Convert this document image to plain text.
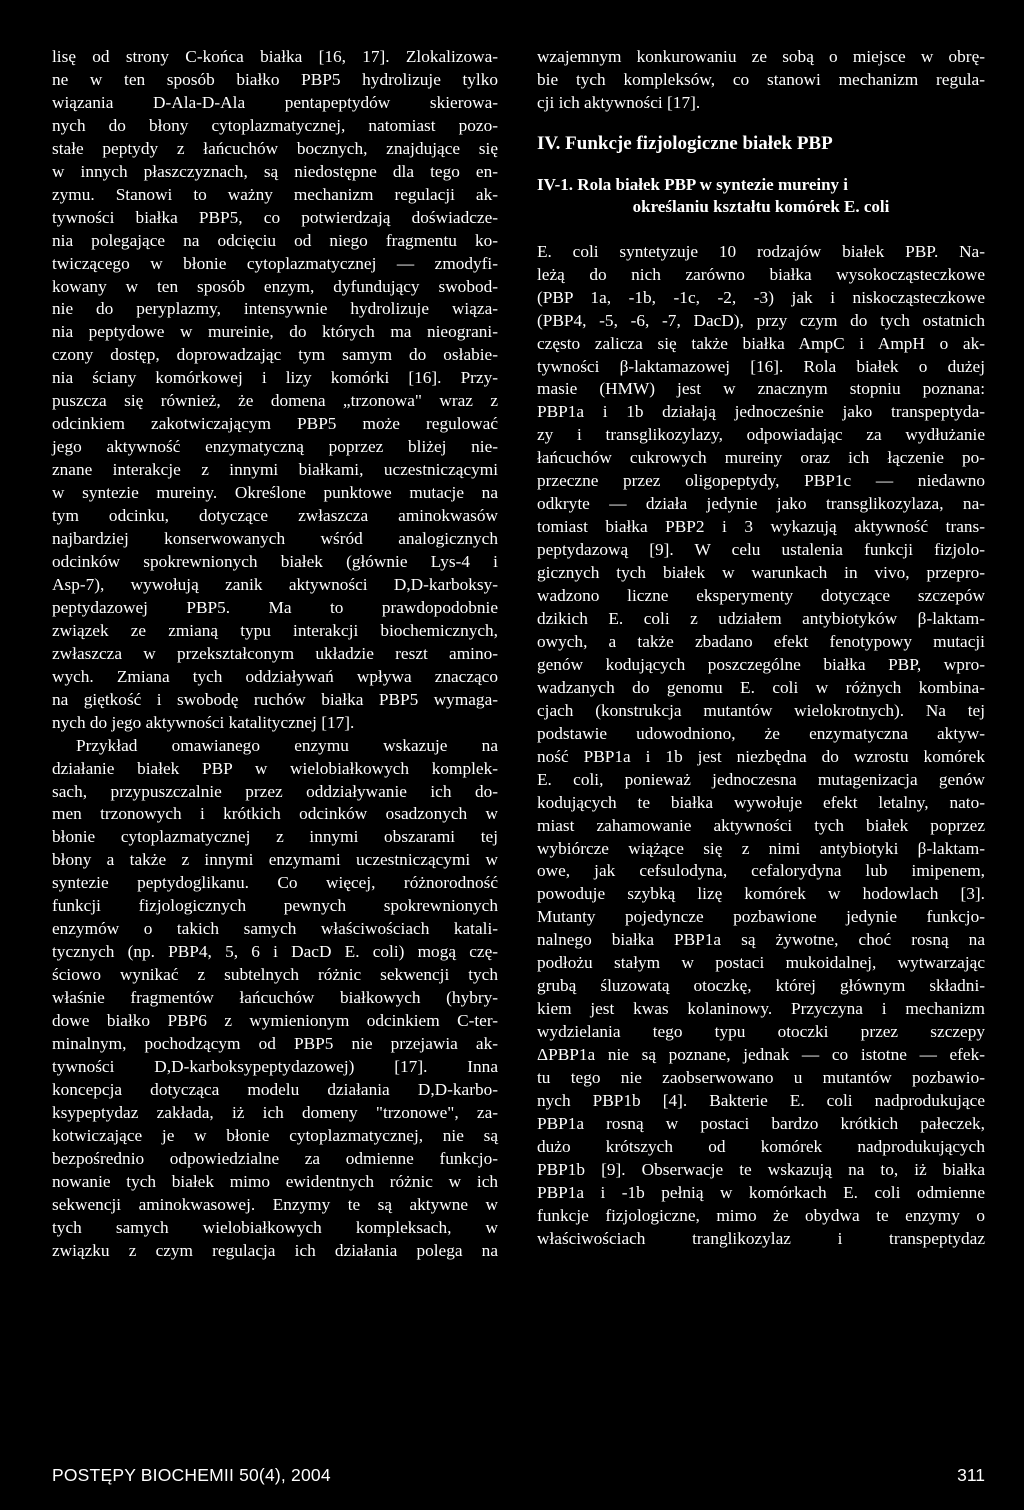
lisę od strony C-końca białka [16, 17]. Zlokalizowa-
ne w ten sposób białko PBP5 hydrolizuje tylko
wiązania D-Ala-D-Ala pentapeptydów skierowa-
nych do błony cytoplazmatycznej, natomiast pozo-
stałe peptydy z łańcuchów bocznych, znajdujące się
w innych płaszczyznach, są niedostępne dla tego en-
zymu. Stanowi to ważny mechanizm regulacji ak-
tywności białka PBP5, co potwierdzają doświadcze-
nia polegające na odcięciu od niego fragmentu ko-
twiczącego w błonie cytoplazmatycznej — zmodyfi-
kowany w ten sposób enzym, dyfundujący swobod-
nie do peryplazmy, intensywnie hydrolizuje wiąza-
nia peptydowe w mureinie, do których ma nieograni-
czony dostęp, doprowadzając tym samym do osłabie-
nia ściany komórkowej i lizy komórki [16]. Przy-
puszcza się również, że domena „trzonowa" wraz z
odcinkiem zakotwiczającym PBP5 może regulować
jego aktywność enzymatyczną poprzez bliżej nie-
znane interakcje z innymi białkami, uczestniczącymi
w syntezie mureiny. Określone punktowe mutacje na
tym odcinku, dotyczące zwłaszcza aminokwasów
najbardziej konserwowanych wśród analogicznych
odcinków spokrewnionych białek (głównie Lys-4 i
Asp-7), wywołują zanik aktywności D,D-karboksy-
peptydazowej PBP5. Ma to prawdopodobnie
związek ze zmianą typu interakcji biochemicznych,
zwłaszcza w przekształconym układzie reszt amino-
wych. Zmiana tych oddziaływań wpływa znacząco
na giętkość i swobodę ruchów białka PBP5 wymaga-
nych do jego aktywności katalitycznej [17].

Przykład omawianego enzymu wskazuje na
działanie białek PBP w wielobiałkowych komplek-
sach, przypuszczalnie przez oddziaływanie ich do-
men trzonowych i krótkich odcinków osadzonych w
błonie cytoplazmatycznej z innymi obszarami tej
błony a także z innymi enzymami uczestniczącymi w
syntezie peptydoglikanu. Co więcej, różnorodność
funkcji fizjologicznych pewnych spokrewnionych
enzymów o takich samych właściwościach katali-
tycznych (np. PBP4, 5, 6 i DacD E. coli) mogą czę-
ściowo wynikać z subtelnych różnic sekwencji tych
właśnie fragmentów łańcuchów białkowych (hybry-
dowe białko PBP6 z wymienionym odcinkiem C-ter-
minalnym, pochodzącym od PBP5 nie przejawia ak-
tywności D,D-karboksypeptydazowej) [17]. Inna
koncepcja dotycząca modelu działania D,D-karbo-
ksypeptydaz zakłada, iż ich domeny "trzonowe", za-
kotwiczające je w błonie cytoplazmatycznej, nie są
bezpośrednio odpowiedzialne za odmienne funkcjo-
nowanie tych białek mimo ewidentnych różnic w ich
sekwencji aminokwasowej. Enzymy te są aktywne w
tych samych wielobiałkowych kompleksach, w
związku z czym regulacja ich działania polega na

wzajemnym konkurowaniu ze sobą o miejsce w obrę-
bie tych kompleksów, co stanowi mechanizm regula-
cji ich aktywności [17].

IV. Funkcje fizjologiczne białek PBP
IV-1. Rola białek PBP w syntezie mureiny i
określaniu kształtu komórek E. coli

E. coli syntetyzuje 10 rodzajów białek PBP. Na-
leżą do nich zarówno białka wysokocząsteczkowe
(PBP 1a, -1b, -1c, -2, -3) jak i niskocząsteczkowe
(PBP4, -5, -6, -7, DacD), przy czym do tych ostatnich
często zalicza się także białka AmpC i AmpH o ak-
tywności β-laktamazowej [16]. Rola białek o dużej
masie (HMW) jest w znacznym stopniu poznana:
PBP1a i 1b działają jednocześnie jako transpeptyda-
zy i transglikozylazy, odpowiadając za wydłużanie
łańcuchów cukrowych mureiny oraz ich łączenie po-
przeczne przez oligopeptydy, PBP1c — niedawno
odkryte — działa jedynie jako transglikozylaza, na-
tomiast białka PBP2 i 3 wykazują aktywność trans-
peptydazową [9]. W celu ustalenia funkcji fizjolo-
gicznych tych białek w warunkach in vivo, przepro-
wadzono liczne eksperymenty dotyczące szczepów
dzikich E. coli z udziałem antybiotyków β-laktam-
owych, a także zbadano efekt fenotypowy mutacji
genów kodujących poszczególne białka PBP, wpro-
wadzanych do genomu E. coli w różnych kombina-
cjach (konstrukcja mutantów wielokrotnych). Na tej
podstawie udowodniono, że enzymatyczna aktyw-
ność PBP1a i 1b jest niezbędna do wzrostu komórek
E. coli, ponieważ jednoczesna mutagenizacja genów
kodujących te białka wywołuje efekt letalny, nato-
miast zahamowanie aktywności tych białek poprzez
wybiórcze wiążące się z nimi antybiotyki β-laktam-
owe, jak cefsulodyna, cefalorydyna lub imipenem,
powoduje szybką lizę komórek w hodowlach [3].
Mutanty pojedyncze pozbawione jedynie funkcjo-
nalnego białka PBP1a są żywotne, choć rosną na
podłożu stałym w postaci mukoidalnej, wytwarzając
grubą śluzowatą otoczkę, której głównym składni-
kiem jest kwas kolaninowy. Przyczyna i mechanizm
wydzielania tego typu otoczki przez szczepy
ΔPBP1a nie są poznane, jednak — co istotne — efek-
tu tego nie zaobserwowano u mutantów pozbawio-
nych PBP1b [4]. Bakterie E. coli nadprodukujące
PBP1a rosną w postaci bardzo krótkich pałeczek,
dużo krótszych od komórek nadprodukujących
PBP1b [9]. Obserwacje te wskazują na to, iż białka
PBP1a i -1b pełnią w komórkach E. coli odmienne
funkcje fizjologiczne, mimo że obydwa te enzymy o
właściwościach tranglikozylaz i transpeptydaz

POSTĘPY BIOCHEMII 50(4), 2004	311
